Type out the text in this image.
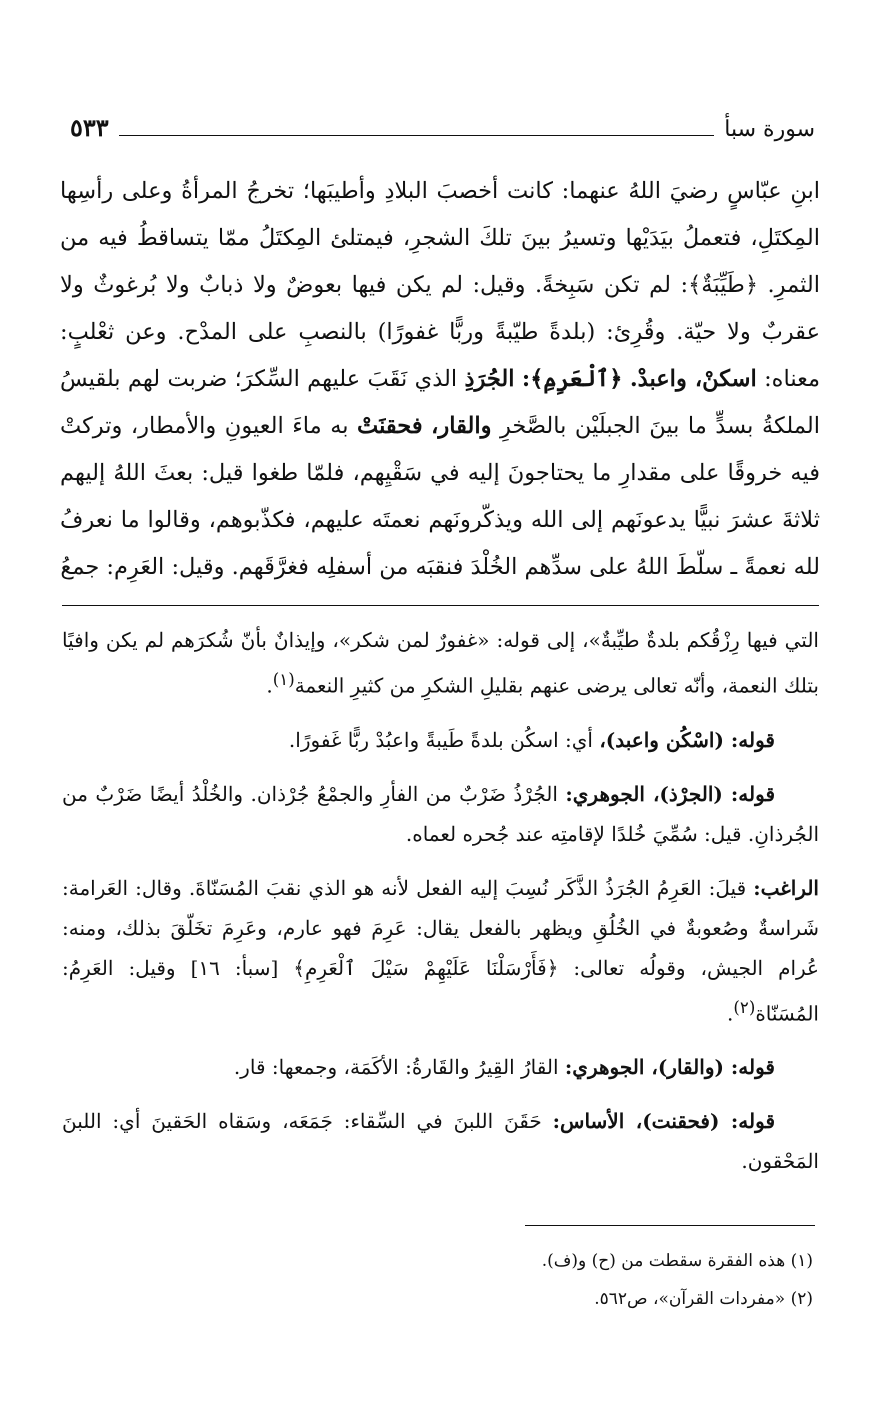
سورة سبأ
٥٣٣

ابنِ عبّاسٍ رضيَ اللهُ عنهما: كانت أخصبَ البلادِ وأطيبَها؛ تخرجُ المرأةُ وعلى رأسِها المِكتَلِ، فتعملُ بيَدَيْها وتسيرُ بينَ تلكَ الشجرِ، فيمتلئ المِكتَلُ ممّا يتساقطُ فيه من الثمرِ. ﴿طَيِّبَةٌ﴾: لم تكن سَبِخةً. وقيل: لم يكن فيها بعوضٌ ولا ذبابٌ ولا بُرغوثٌ ولا عقربٌ ولا حيّة. وقُرِئ: (بلدةً طيّبةً وربًّا غفورًا) بالنصبِ على المدْح. وعن ثعْلبٍ: معناه: اسكنْ، واعبدْ. ﴿ٱلْعَرِمِ﴾: الجُرَذِ الذي نَقَبَ عليهم السِّكرَ؛ ضربت لهم بلقيسُ الملكةُ بسدٍّ ما بينَ الجبلَيْن بالصَّخرِ والقار، فحقنَتْ به ماءَ العيونِ والأمطار، وتركتْ فيه خروقًا على مقدارِ ما يحتاجونَ إليه في سَقْيِهم، فلمّا طغوا قيل: بعثَ اللهُ إليهم ثلاثةَ عشرَ نبيًّا يدعونَهم إلى الله ويذكّرونَهم نعمتَه عليهم، فكذّبوهم، وقالوا ما نعرفُ لله نعمةً ـ سلّطَ اللهُ على سدِّهم الخُلْدَ فنقبَه من أسفلِه فغرَّقَهم. وقيل: العَرِم: جمعُ

التي فيها رِزْقُكم بلدةٌ طيِّبةٌ»، إلى قوله: «غفورٌ لمن شكر»، وإيذانٌ بأنّ شُكرَهم لم يكن وافيًا بتلك النعمة، وأنّه تعالى يرضى عنهم بقليلِ الشكرِ من كثيرِ النعمة$^{(١)}$.

قوله: (اسْكُن واعبد)، أي: اسكُن بلدةً طَيبةً واعبُدْ ربًّا غَفورًا.

قوله: (الجرْذ)، الجوهري: الجُرْذُ ضَرْبٌ من الفأرِ والجمْعُ جُرْذان. والخُلْدُ أيضًا ضَرْبٌ من الجُرذانِ. قيل: سُمِّيَ خُلدًا لإقامتِه عند جُحره لعماه.

الراغب: قيلَ: العَرِمُ الجُرَذُ الذَّكَر نُسِبَ إليه الفعل لأنه هو الذي نقبَ المُسَنّاةَ. وقال: العَرامة: شَراسةٌ وصُعوبةٌ في الخُلُقِ ويظهر بالفعل يقال: عَرِمَ فهو عارم، وعَرِمَ تخَلّقَ بذلك، ومنه: عُرام الجيش، وقولُه تعالى: ﴿فَأَرْسَلْنَا عَلَيْهِمْ سَيْلَ ٱلْعَرِمِ﴾ [سبأ: ١٦] وقيل: العَرِمُ: المُسَنّاة$^{(٢)}$.

قوله: (والقار)، الجوهري: القارُ القِيرُ والقَارةُ: الأكَمَة، وجمعها: قار.

قوله: (فحقنت)، الأساس: حَقَنَ اللبنَ في السِّقاء: جَمَعَه، وسَقاه الحَقينَ أي: اللبنَ المَحْقون.

(١) هذه الفقرة سقطت من (ح) و(ف).
(٢) «مفردات القرآن»، ص٥٦٢.
